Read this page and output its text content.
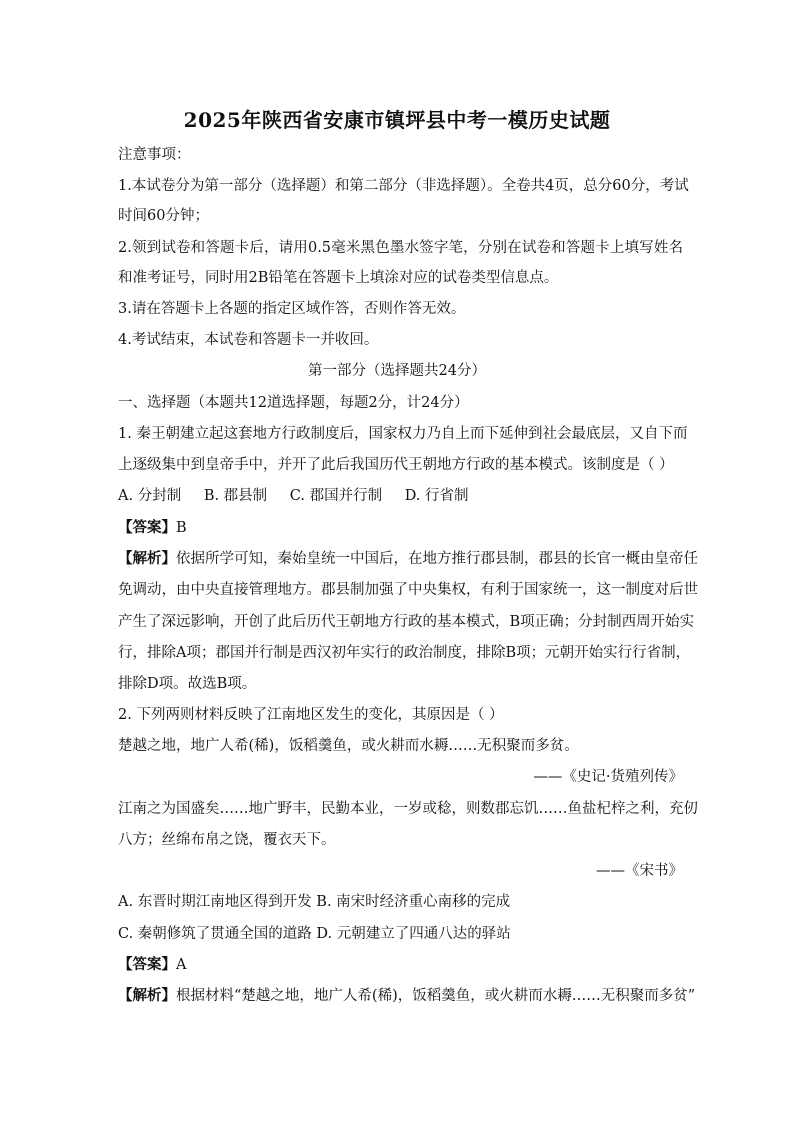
2025年陕西省安康市镇坪县中考一模历史试题
注意事项：
1.本试卷分为第一部分（选择题）和第二部分（非选择题）。全卷共4页，总分60分，考试
时间60分钟；
2.领到试卷和答题卡后，请用0.5毫米黑色墨水签字笔，分别在试卷和答题卡上填写姓名
和准考证号，同时用2B铅笔在答题卡上填涂对应的试卷类型信息点。
3.请在答题卡上各题的指定区域作答，否则作答无效。
4.考试结束，本试卷和答题卡一并收回。
第一部分（选择题共24分）
一、选择题（本题共12道选择题，每题2分，计24分）
1. 秦王朝建立起这套地方行政制度后，国家权力乃自上而下延伸到社会最底层，又自下而
上逐级集中到皇帝手中，并开了此后我国历代王朝地方行政的基本模式。该制度是（ ）
A. 分封制 B. 郡县制 C. 郡国并行制 D. 行省制
【答案】B
【解析】依据所学可知，秦始皇统一中国后，在地方推行郡县制，郡县的长官一概由皇帝任
免调动，由中央直接管理地方。郡县制加强了中央集权，有利于国家统一，这一制度对后世
产生了深远影响，开创了此后历代王朝地方行政的基本模式，B项正确；分封制西周开始实
行，排除A项；郡国并行制是西汉初年实行的政治制度，排除B项；元朝开始实行行省制，
排除D项。故选B项。
2. 下列两则材料反映了江南地区发生的变化，其原因是（ ）
楚越之地，地广人希(稀)，饭稻羹鱼，或火耕而水耨……无积聚而多贫。
——《史记·货殖列传》
江南之为国盛矣……地广野丰，民勤本业，一岁或稔，则数郡忘饥……鱼盐杞梓之利，充仞
八方；丝绵布帛之饶，覆衣天下。
——《宋书》
A. 东晋时期江南地区得到开发 B. 南宋时经济重心南移的完成
C. 秦朝修筑了贯通全国的道路 D. 元朝建立了四通八达的驿站
【答案】A
【解析】根据材料“楚越之地，地广人希(稀)，饭稻羹鱼，或火耕而水耨……无积聚而多贫”
